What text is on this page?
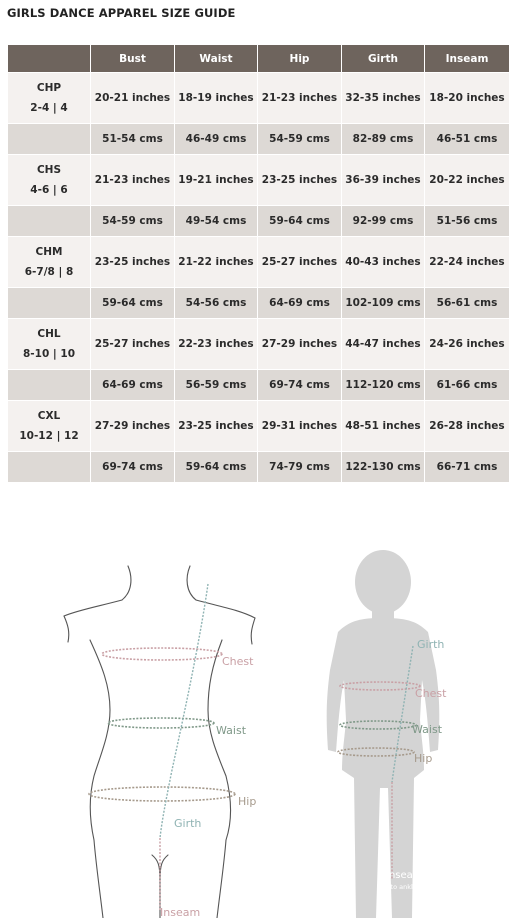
GIRLS DANCE APPAREL SIZE GUIDE
	Bust	Waist	Hip	Girth	Inseam

CHP
2-4 | 4	20-21 inches	18-19 inches	21-23 inches	32-35 inches	18-20 inches
	51-54 cms	46-49 cms	54-59 cms	82-89 cms	46-51 cms

CHS
4-6 | 6	21-23 inches	19-21 inches	23-25 inches	36-39 inches	20-22 inches
	54-59 cms	49-54 cms	59-64 cms	92-99 cms	51-56 cms

CHM
6-7/8 | 8	23-25 inches	21-22 inches	25-27 inches	40-43 inches	22-24 inches
	59-64 cms	54-56 cms	64-69 cms	102-109 cms	56-61 cms

CHL
8-10 | 10	25-27 inches	22-23 inches	27-29 inches	44-47 inches	24-26 inches
	64-69 cms	56-59 cms	69-74 cms	112-120 cms	61-66 cms

CXL
10-12 | 12	27-29 inches	23-25 inches	29-31 inches	48-51 inches	26-28 inches
	69-74 cms	59-64 cms	74-79 cms	122-130 cms	66-71 cms
Chest
Waist
Hip
Girth
Inseam
Girth
Chest
Waist
Hip
Inseam
(to ankle)
